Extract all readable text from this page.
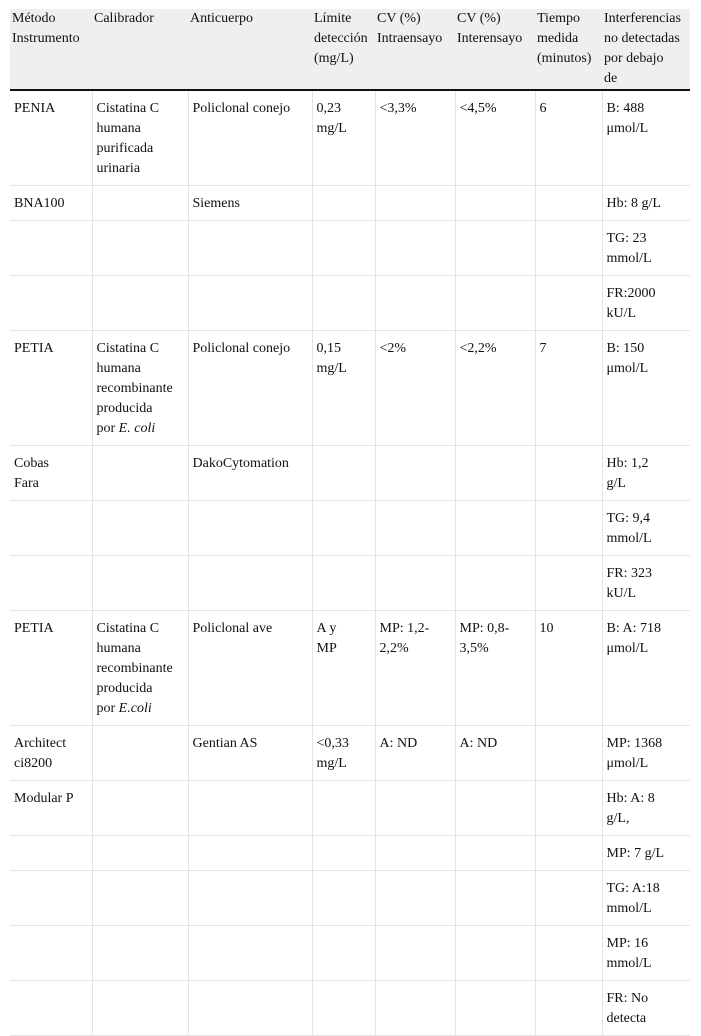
Método
Instrumento	Calibrador	Anticuerpo	Límite
detección
(mg/L)	CV (%)
Intraensayo	CV (%)
Interensayo	Tiempo
medida
(minutos)	Interferencias
no detectadas
por debajo
de

PENIA	Cistatina C
humana
purificada
urinaria	Policlonal conejo	0,23
mg/L	<3,3%	<4,5%	6	B: 488
μmol/L

BNA100		Siemens					Hb: 8 g/L

							TG: 23
mmol/L

							FR:2000
kU/L

PETIA	Cistatina C
humana
recombinante
producida
por E. coli	Policlonal conejo	0,15
mg/L	<2%	<2,2%	7	B: 150
μmol/L

Cobas
Fara		DakoCytomation					Hb: 1,2
g/L

							TG: 9,4
mmol/L

							FR: 323
kU/L

PETIA	Cistatina C
humana
recombinante
producida
por E.coli	Policlonal ave	A y
MP	MP: 1,2-
2,2%	MP: 0,8-
3,5%	10	B: A: 718
μmol/L

Architect
ci8200		Gentian AS	<0,33
mg/L	A: ND	A: ND		MP: 1368
μmol/L

Modular P							Hb: A: 8
g/L,

							MP: 7 g/L

							TG: A:18
mmol/L

							MP: 16
mmol/L

							FR: No
detecta
